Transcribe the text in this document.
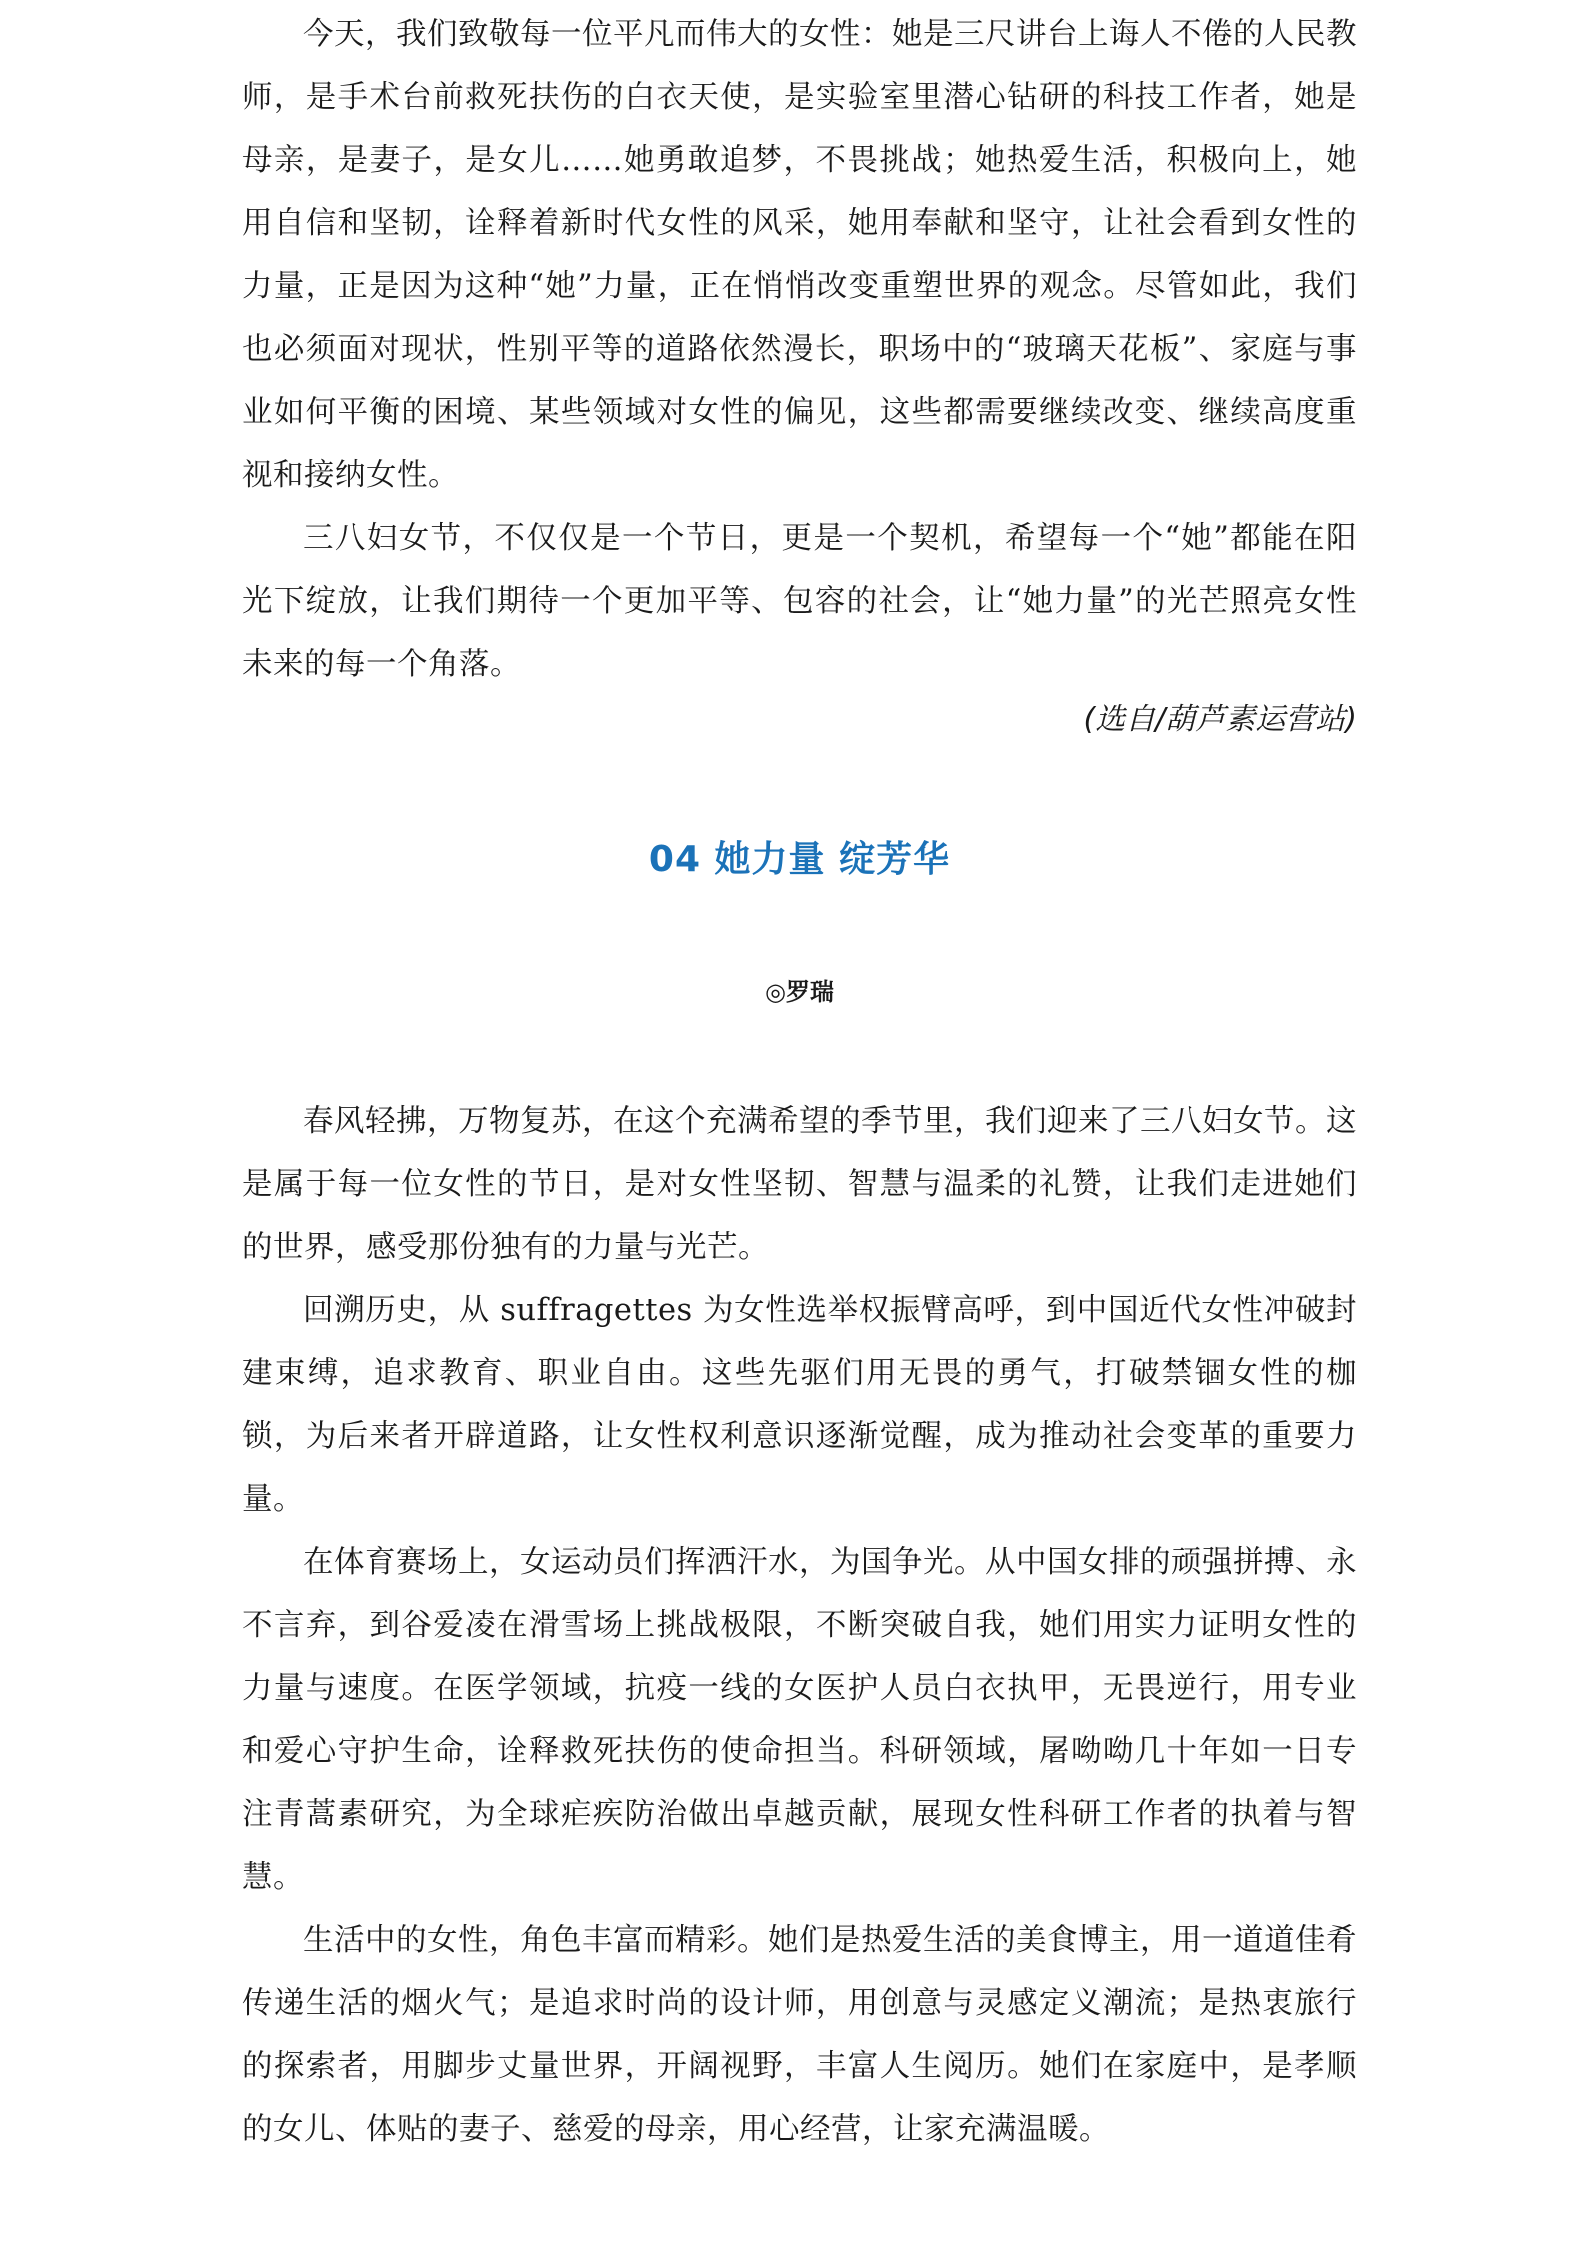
今天，我们致敬每一位平凡而伟大的女性：她是三尺讲台上诲人不倦的人民教师，是手术台前救死扶伤的白衣天使，是实验室里潜心钻研的科技工作者，她是母亲，是妻子，是女儿……她勇敢追梦，不畏挑战；她热爱生活，积极向上，她用自信和坚韧，诠释着新时代女性的风采，她用奉献和坚守，让社会看到女性的力量，正是因为这种“她”力量，正在悄悄改变重塑世界的观念。尽管如此，我们也必须面对现状，性别平等的道路依然漫长，职场中的“玻璃天花板”、家庭与事业如何平衡的困境、某些领域对女性的偏见，这些都需要继续改变、继续高度重视和接纳女性。

三八妇女节，不仅仅是一个节日，更是一个契机，希望每一个“她”都能在阳光下绽放，让我们期待一个更加平等、包容的社会，让“她力量”的光芒照亮女性未来的每一个角落。

(选自/葫芦素运营站)
04 她力量 绽芳华
◎罗瑞

春风轻拂，万物复苏，在这个充满希望的季节里，我们迎来了三八妇女节。这是属于每一位女性的节日，是对女性坚韧、智慧与温柔的礼赞，让我们走进她们的世界，感受那份独有的力量与光芒。

回溯历史，从 suffragettes 为女性选举权振臂高呼，到中国近代女性冲破封建束缚，追求教育、职业自由。这些先驱们用无畏的勇气，打破禁锢女性的枷锁，为后来者开辟道路，让女性权利意识逐渐觉醒，成为推动社会变革的重要力量。

在体育赛场上，女运动员们挥洒汗水，为国争光。从中国女排的顽强拼搏、永不言弃，到谷爱凌在滑雪场上挑战极限，不断突破自我，她们用实力证明女性的力量与速度。在医学领域，抗疫一线的女医护人员白衣执甲，无畏逆行，用专业和爱心守护生命，诠释救死扶伤的使命担当。科研领域，屠呦呦几十年如一日专注青蒿素研究，为全球疟疾防治做出卓越贡献，展现女性科研工作者的执着与智慧。

生活中的女性，角色丰富而精彩。她们是热爱生活的美食博主，用一道道佳肴传递生活的烟火气；是追求时尚的设计师，用创意与灵感定义潮流；是热衷旅行的探索者，用脚步丈量世界，开阔视野，丰富人生阅历。她们在家庭中，是孝顺的女儿、体贴的妻子、慈爱的母亲，用心经营，让家充满温暖。
